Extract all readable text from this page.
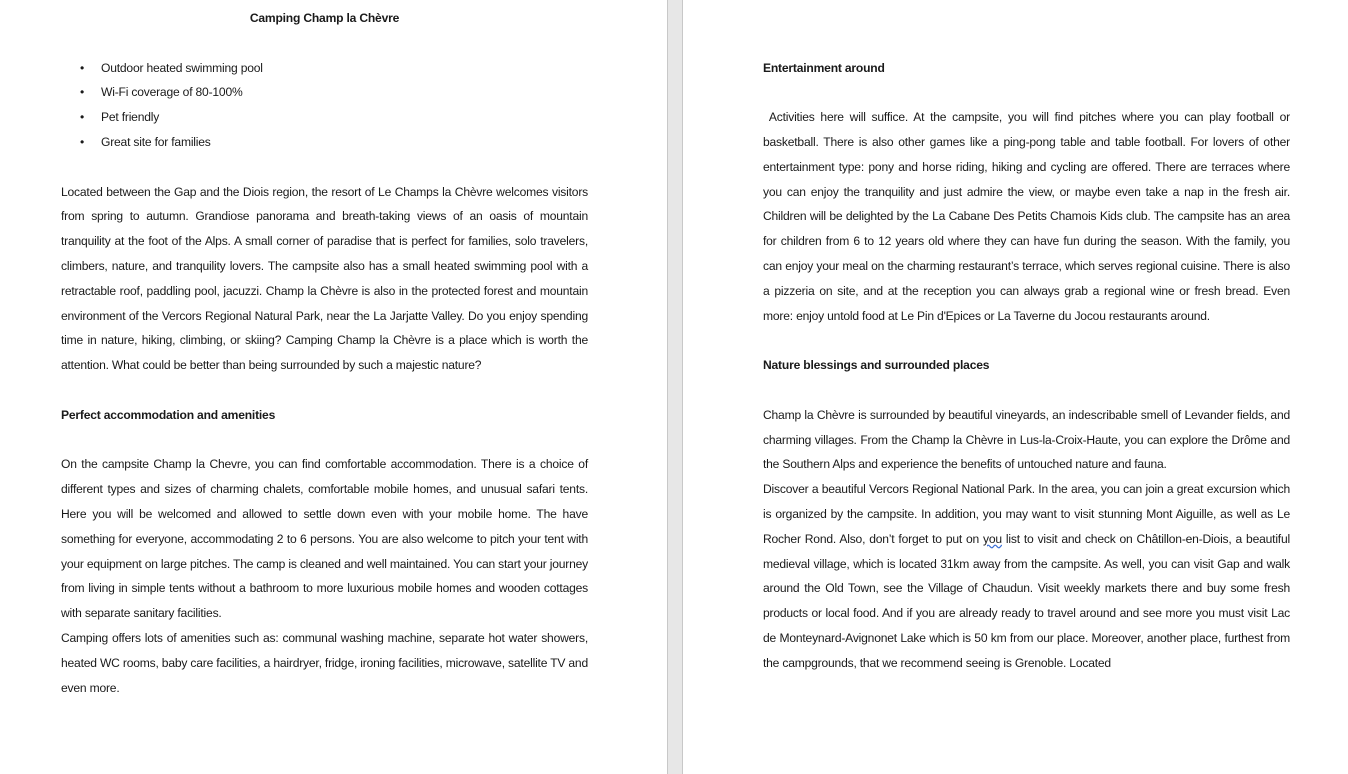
Camping Champ la Chèvre
• Outdoor heated swimming pool
• Wi-Fi coverage of 80-100%
• Pet friendly
• Great site for families

Located between the Gap and the Diois region, the resort of Le Champs la Chèvre welcomes visitors from spring to autumn. Grandiose panorama and breath-taking views of an oasis of mountain tranquility at the foot of the Alps. A small corner of paradise that is perfect for families, solo travelers, climbers, nature, and tranquility lovers. The campsite also has a small heated swimming pool with a retractable roof, paddling pool, jacuzzi. Champ la Chèvre is also in the protected forest and mountain environment of the Vercors Regional Natural Park, near the La Jarjatte Valley. Do you enjoy spending time in nature, hiking, climbing, or skiing? Camping Champ la Chèvre is a place which is worth the attention. What could be better than being surrounded by such a majestic nature?

Perfect accommodation and amenities

On the campsite Champ la Chevre, you can find comfortable accommodation. There is a choice of different types and sizes of charming chalets, comfortable mobile homes, and unusual safari tents. Here you will be welcomed and allowed to settle down even with your mobile home. The have something for everyone, accommodating 2 to 6 persons. You are also welcome to pitch your tent with your equipment on large pitches. The camp is cleaned and well maintained. You can start your journey from living in simple tents without a bathroom to more luxurious mobile homes and wooden cottages with separate sanitary facilities.

Camping offers lots of amenities such as: communal washing machine, separate hot water showers, heated WC rooms, baby care facilities, a hairdryer, fridge, ironing facilities, microwave, satellite TV and even more.

Entertainment around

Activities here will suffice. At the campsite, you will find pitches where you can play football or basketball. There is also other games like a ping-pong table and table football. For lovers of other entertainment type: pony and horse riding, hiking and cycling are offered. There are terraces where you can enjoy the tranquility and just admire the view, or maybe even take a nap in the fresh air. Children will be delighted by the La Cabane Des Petits Chamois Kids club. The campsite has an area for children from 6 to 12 years old where they can have fun during the season. With the family, you can enjoy your meal on the charming restaurant’s terrace, which serves regional cuisine. There is also a pizzeria on site, and at the reception you can always grab a regional wine or fresh bread. Even more: enjoy untold food at Le Pin d'Epices or La Taverne du Jocou restaurants around.

Nature blessings and surrounded places

Champ la Chèvre is surrounded by beautiful vineyards, an indescribable smell of Levander fields, and charming villages. From the Champ la Chèvre in Lus-la-Croix-Haute, you can explore the Drôme and the Southern Alps and experience the benefits of untouched nature and fauna.

Discover a beautiful Vercors Regional National Park. In the area, you can join a great excursion which is organized by the campsite. In addition, you may want to visit stunning Mont Aiguille, as well as Le Rocher Rond. Also, don’t forget to put on you list to visit and check on Châtillon-en-Diois, a beautiful medieval village, which is located 31km away from the campsite. As well, you can visit Gap and walk around the Old Town, see the Village of Chaudun. Visit weekly markets there and buy some fresh products or local food. And if you are already ready to travel around and see more you must visit Lac de Monteynard-Avignonet Lake which is 50 km from our place. Moreover, another place, furthest from the campgrounds, that we recommend seeing is Grenoble. Located
